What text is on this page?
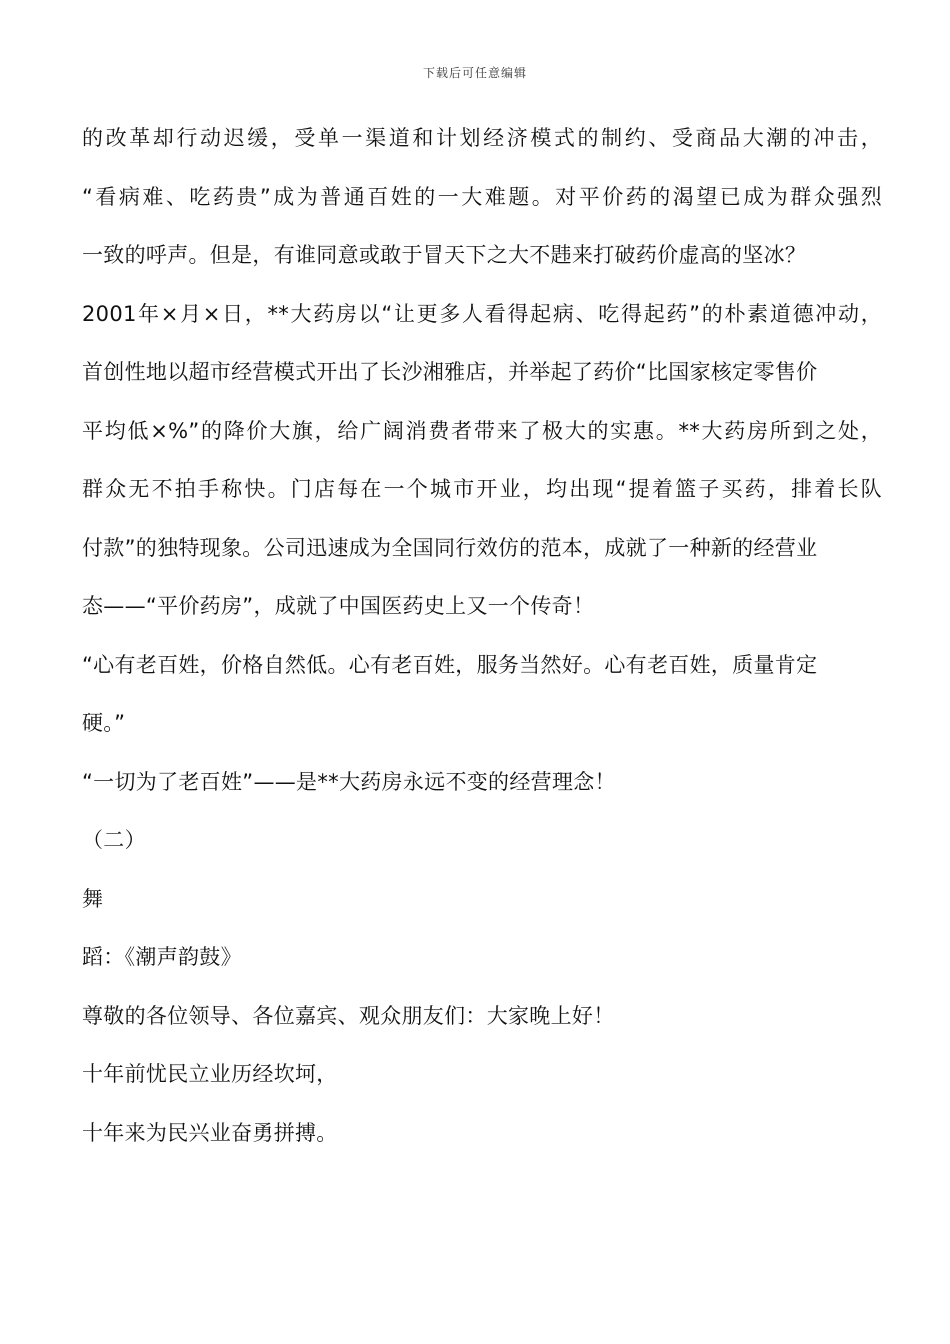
下载后可任意编辑
的改革却行动迟缓，受单一渠道和计划经济模式的制约、受商品大潮的冲击，
“看病难、吃药贵”成为普通百姓的一大难题。对平价药的渴望已成为群众强烈
一致的呼声。但是，有谁同意或敢于冒天下之大不韪来打破药价虚高的坚冰？
2001年×月×日，**大药房以“让更多人看得起病、吃得起药”的朴素道德冲动，
首创性地以超市经营模式开出了长沙湘雅店，并举起了药价“比国家核定零售价
平均低×%”的降价大旗，给广阔消费者带来了极大的实惠。**大药房所到之处，
群众无不拍手称快。门店每在一个城市开业，均出现“提着篮子买药，排着长队
付款”的独特现象。公司迅速成为全国同行效仿的范本，成就了一种新的经营业
态——“平价药房”，成就了中国医药史上又一个传奇！
“心有老百姓，价格自然低。心有老百姓，服务当然好。心有老百姓，质量肯定
硬。”
“一切为了老百姓”——是**大药房永远不变的经营理念！
（二）
舞
蹈：《潮声韵鼓》
尊敬的各位领导、各位嘉宾、观众朋友们：大家晚上好！
十年前忧民立业历经坎坷，
十年来为民兴业奋勇拼搏。
